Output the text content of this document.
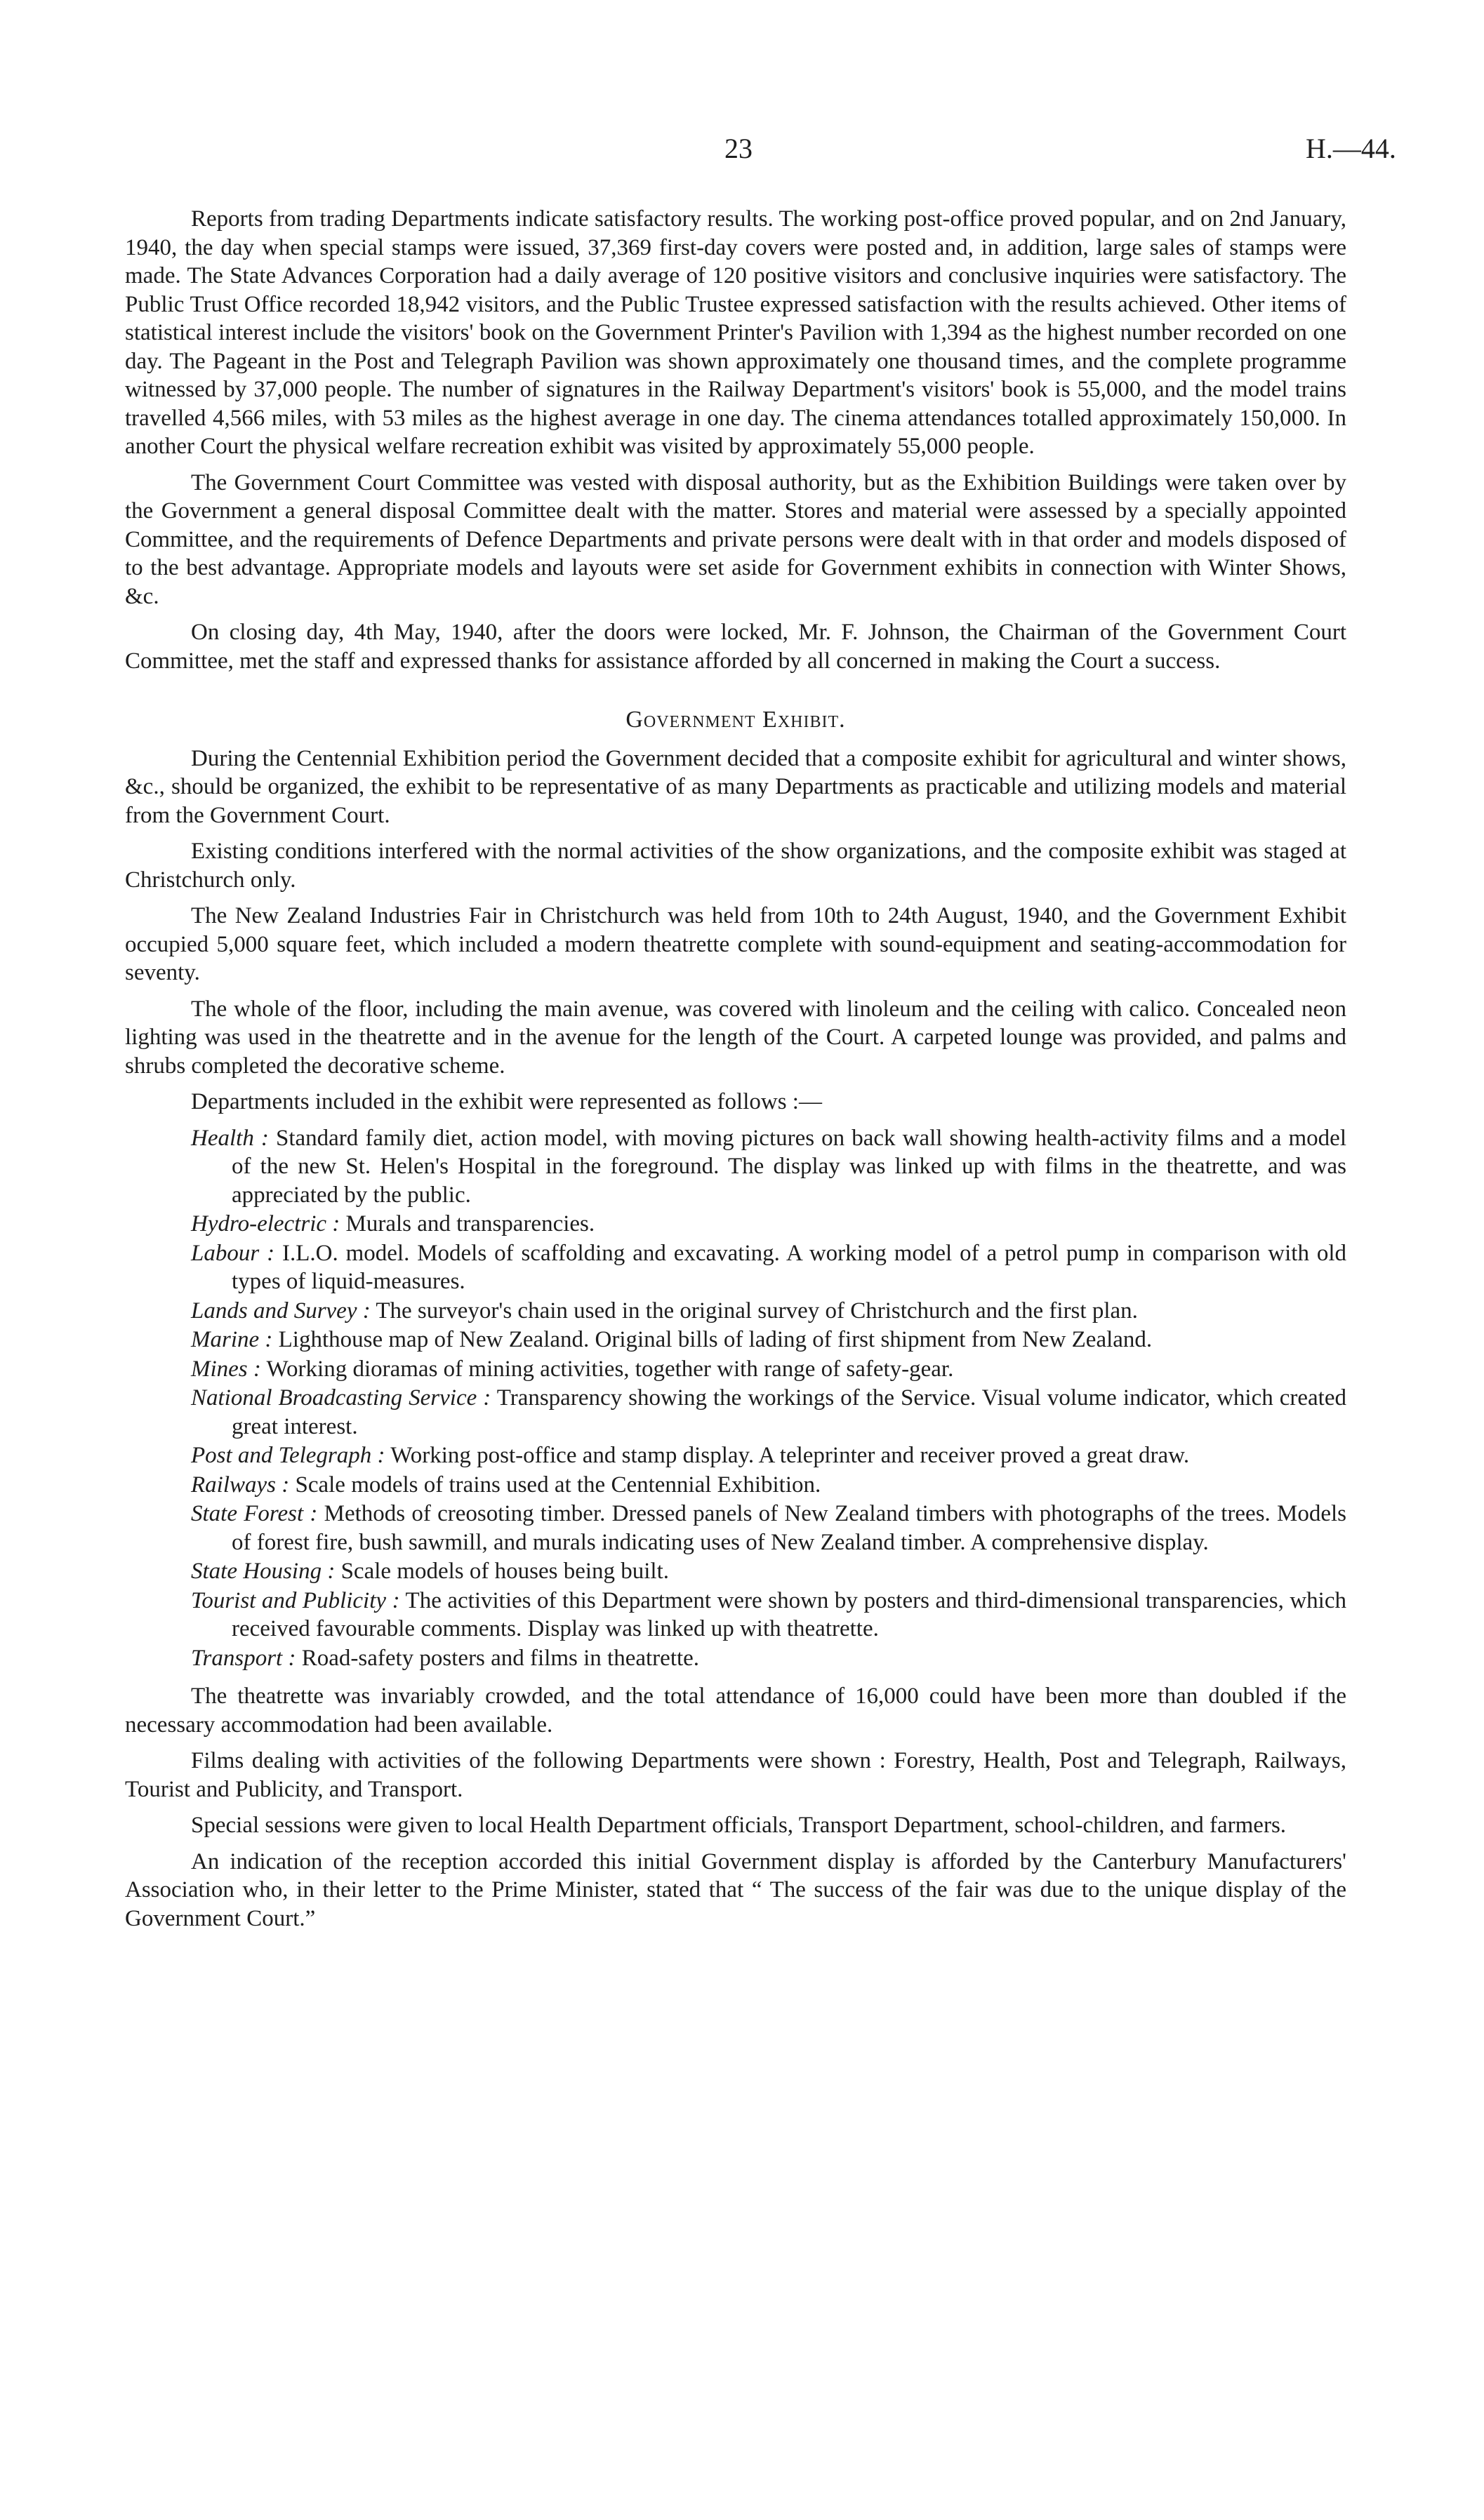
23	H.—44.

Reports from trading Departments indicate satisfactory results. The working post-office proved popular, and on 2nd January, 1940, the day when special stamps were issued, 37,369 first-day covers were posted and, in addition, large sales of stamps were made. The State Advances Corporation had a daily average of 120 positive visitors and conclusive inquiries were satisfactory. The Public Trust Office recorded 18,942 visitors, and the Public Trustee expressed satisfaction with the results achieved. Other items of statistical interest include the visitors' book on the Government Printer's Pavilion with 1,394 as the highest number recorded on one day. The Pageant in the Post and Telegraph Pavilion was shown approximately one thousand times, and the complete programme witnessed by 37,000 people. The number of signatures in the Railway Department's visitors' book is 55,000, and the model trains travelled 4,566 miles, with 53 miles as the highest average in one day. The cinema attendances totalled approximately 150,000. In another Court the physical welfare recreation exhibit was visited by approximately 55,000 people.

The Government Court Committee was vested with disposal authority, but as the Exhibition Buildings were taken over by the Government a general disposal Committee dealt with the matter. Stores and material were assessed by a specially appointed Committee, and the requirements of Defence Departments and private persons were dealt with in that order and models disposed of to the best advantage. Appropriate models and layouts were set aside for Government exhibits in connection with Winter Shows, &c.

On closing day, 4th May, 1940, after the doors were locked, Mr. F. Johnson, the Chairman of the Government Court Committee, met the staff and expressed thanks for assistance afforded by all concerned in making the Court a success.

Government Exhibit.

During the Centennial Exhibition period the Government decided that a composite exhibit for agricultural and winter shows, &c., should be organized, the exhibit to be representative of as many Departments as practicable and utilizing models and material from the Government Court.

Existing conditions interfered with the normal activities of the show organizations, and the composite exhibit was staged at Christchurch only.

The New Zealand Industries Fair in Christchurch was held from 10th to 24th August, 1940, and the Government Exhibit occupied 5,000 square feet, which included a modern theatrette complete with sound-equipment and seating-accommodation for seventy.

The whole of the floor, including the main avenue, was covered with linoleum and the ceiling with calico. Concealed neon lighting was used in the theatrette and in the avenue for the length of the Court. A carpeted lounge was provided, and palms and shrubs completed the decorative scheme.

Departments included in the exhibit were represented as follows :—

Health : Standard family diet, action model, with moving pictures on back wall showing health-activity films and a model of the new St. Helen's Hospital in the foreground. The display was linked up with films in the theatrette, and was appreciated by the public.
Hydro-electric : Murals and transparencies.
Labour : I.L.O. model. Models of scaffolding and excavating. A working model of a petrol pump in comparison with old types of liquid-measures.
Lands and Survey : The surveyor's chain used in the original survey of Christchurch and the first plan.
Marine : Lighthouse map of New Zealand. Original bills of lading of first shipment from New Zealand.
Mines : Working dioramas of mining activities, together with range of safety-gear.
National Broadcasting Service : Transparency showing the workings of the Service. Visual volume indicator, which created great interest.
Post and Telegraph : Working post-office and stamp display. A teleprinter and receiver proved a great draw.
Railways : Scale models of trains used at the Centennial Exhibition.
State Forest : Methods of creosoting timber. Dressed panels of New Zealand timbers with photographs of the trees. Models of forest fire, bush sawmill, and murals indicating uses of New Zealand timber. A comprehensive display.
State Housing : Scale models of houses being built.
Tourist and Publicity : The activities of this Department were shown by posters and third-dimensional transparencies, which received favourable comments. Display was linked up with theatrette.
Transport : Road-safety posters and films in theatrette.

The theatrette was invariably crowded, and the total attendance of 16,000 could have been more than doubled if the necessary accommodation had been available.

Films dealing with activities of the following Departments were shown : Forestry, Health, Post and Telegraph, Railways, Tourist and Publicity, and Transport.

Special sessions were given to local Health Department officials, Transport Department, school-children, and farmers.

An indication of the reception accorded this initial Government display is afforded by the Canterbury Manufacturers' Association who, in their letter to the Prime Minister, stated that “ The success of the fair was due to the unique display of the Government Court.”
